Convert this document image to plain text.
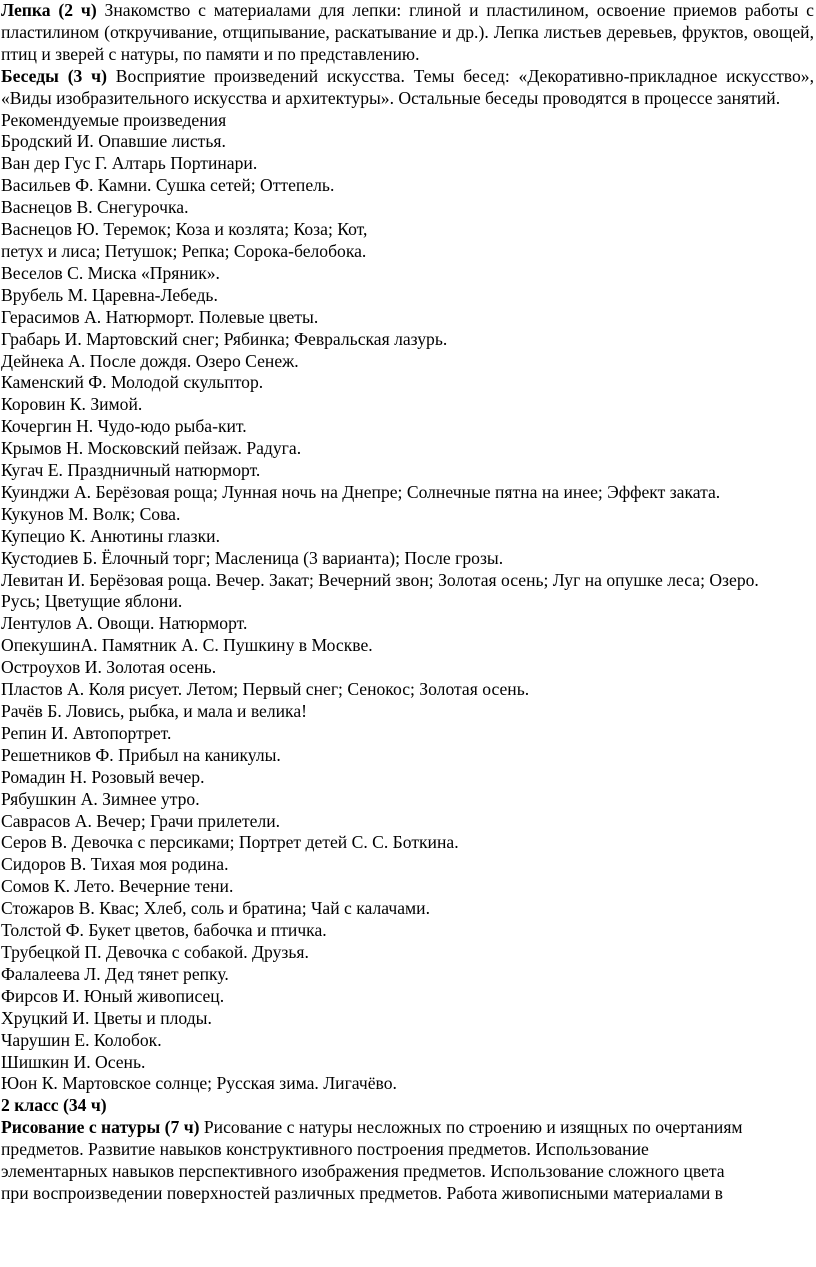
Лепка (2 ч) Знакомство с материалами для лепки: глиной и пластилином, освоение приемов работы с пластилином (откручивание, отщипывание, раскатывание и др.). Лепка листьев деревьев, фруктов, овощей, птиц и зверей с натуры, по памяти и по представлению.
Беседы (3 ч) Восприятие произведений искусства. Темы бесед: «Декоративно-прикладное искусство», «Виды изобразительного искусства и архитектуры». Остальные беседы проводятся в процессе занятий.
Рекомендуемые произведения
Бродский И. Опавшие листья.
Ван дер Гус Г. Алтарь Портинари.
Васильев Ф. Камни. Сушка сетей; Оттепель.
Васнецов В. Снегурочка.
Васнецов Ю. Теремок; Коза и козлята; Коза; Кот,
петух и лиса; Петушок; Репка; Сорока-белобока.
Веселов С. Миска «Пряник».
Врубель М. Царевна-Лебедь.
Герасимов А. Натюрморт. Полевые цветы.
Грабарь И. Мартовский снег; Рябинка; Февральская лазурь.
Дейнека А. После дождя. Озеро Сенеж.
Каменский Ф. Молодой скульптор.
Коровин К. Зимой.
Кочергин Н. Чудо-юдо рыба-кит.
Крымов Н. Московский пейзаж. Радуга.
Кугач Е. Праздничный натюрморт.
Куинджи А. Берёзовая роща; Лунная ночь на Днепре; Солнечные пятна на инее; Эффект заката.
Кукунов М. Волк; Сова.
Купецио К. Анютины глазки.
Кустодиев Б. Ёлочный торг; Масленица (3 варианта); После грозы.
Левитан И. Берёзовая роща. Вечер. Закат; Вечерний звон; Золотая осень; Луг на опушке леса; Озеро.
Русь; Цветущие яблони.
Лентулов А. Овощи. Натюрморт.
ОпекушинА. Памятник А. С. Пушкину в Москве.
Остроухов И. Золотая осень.
Пластов А. Коля рисует. Летом; Первый снег; Сенокос; Золотая осень.
Рачёв Б. Ловись, рыбка, и мала и велика!
Репин И. Автопортрет.
Решетников Ф. Прибыл на каникулы.
Ромадин Н. Розовый вечер.
Рябушкин А. Зимнее утро.
Саврасов А. Вечер; Грачи прилетели.
Серов В. Девочка с персиками; Портрет детей С. С. Боткина.
Сидоров В. Тихая моя родина.
Сомов К. Лето. Вечерние тени.
Стожаров В. Квас; Хлеб, соль и братина; Чай с калачами.
Толстой Ф. Букет цветов, бабочка и птичка.
Трубецкой П. Девочка с собакой. Друзья.
Фалалеева Л. Дед тянет репку.
Фирсов И. Юный живописец.
Хруцкий И. Цветы и плоды.
Чарушин Е. Колобок.
Шишкин И. Осень.
Юон К. Мартовское солнце; Русская зима. Лигачёво.
2 класс (34 ч)
Рисование с натуры (7 ч) Рисование с натуры несложных по строению и изящных по очертаниям
предметов. Развитие навыков конструктивного построения предметов. Использование
элементарных навыков перспективного изображения предметов. Использование сложного цвета
при воспроизведении поверхностей различных предметов. Работа живописными материалами в
